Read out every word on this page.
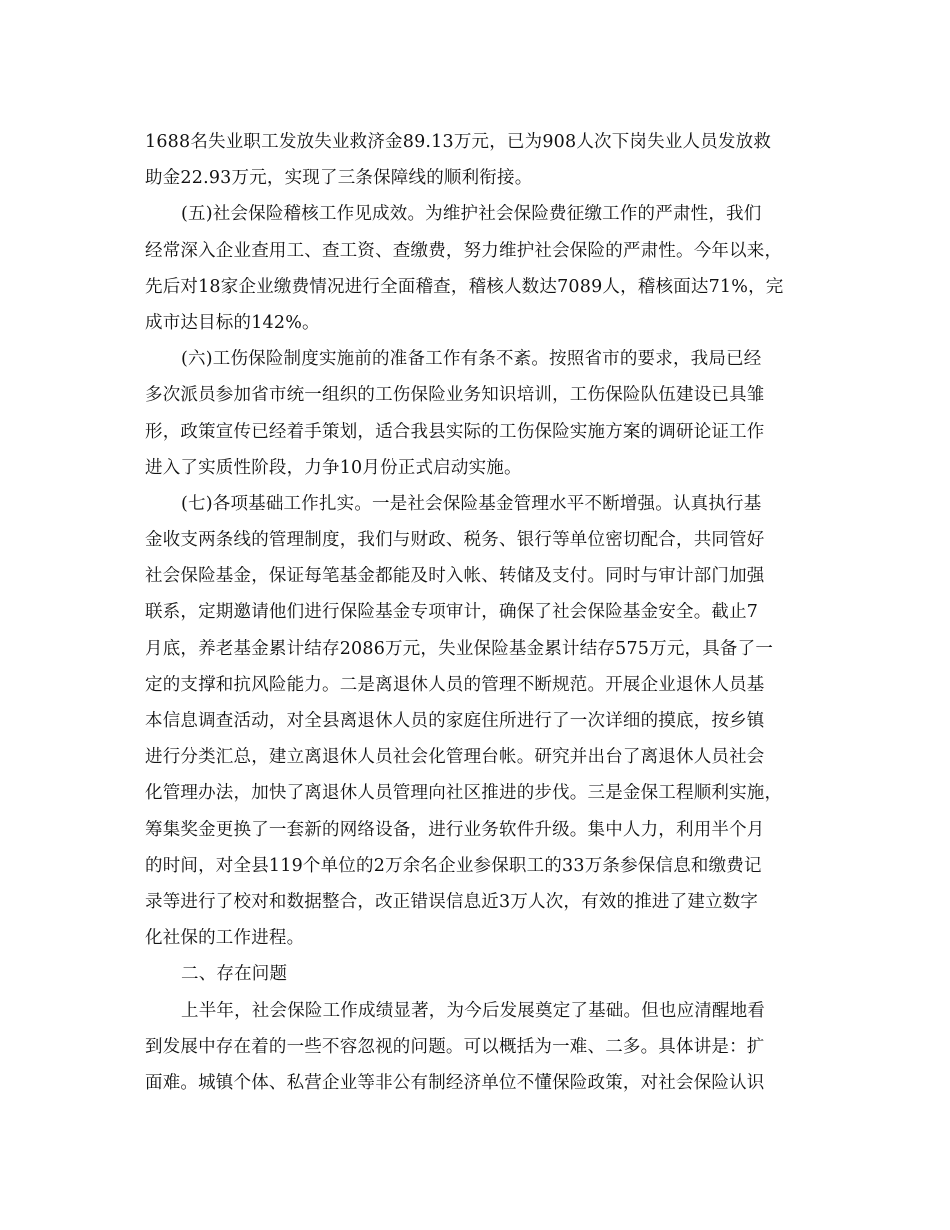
1688名失业职工发放失业救济金89.13万元，已为908人次下岗失业人员发放救
助金22.93万元，实现了三条保障线的顺利衔接。
(五)社会保险稽核工作见成效。为维护社会保险费征缴工作的严肃性，我们
经常深入企业查用工、查工资、查缴费，努力维护社会保险的严肃性。今年以来，
先后对18家企业缴费情况进行全面稽查，稽核人数达7089人，稽核面达71%，完
成市达目标的142%。
(六)工伤保险制度实施前的准备工作有条不紊。按照省市的要求，我局已经
多次派员参加省市统一组织的工伤保险业务知识培训，工伤保险队伍建设已具雏
形，政策宣传已经着手策划，适合我县实际的工伤保险实施方案的调研论证工作
进入了实质性阶段，力争10月份正式启动实施。
(七)各项基础工作扎实。一是社会保险基金管理水平不断增强。认真执行基
金收支两条线的管理制度，我们与财政、税务、银行等单位密切配合，共同管好
社会保险基金，保证每笔基金都能及时入帐、转储及支付。同时与审计部门加强
联系，定期邀请他们进行保险基金专项审计，确保了社会保险基金安全。截止7
月底，养老基金累计结存2086万元，失业保险基金累计结存575万元，具备了一
定的支撑和抗风险能力。二是离退休人员的管理不断规范。开展企业退休人员基
本信息调查活动，对全县离退休人员的家庭住所进行了一次详细的摸底，按乡镇
进行分类汇总，建立离退休人员社会化管理台帐。研究并出台了离退休人员社会
化管理办法，加快了离退休人员管理向社区推进的步伐。三是金保工程顺利实施，
筹集奖金更换了一套新的网络设备，进行业务软件升级。集中人力，利用半个月
的时间，对全县119个单位的2万余名企业参保职工的33万条参保信息和缴费记
录等进行了校对和数据整合，改正错误信息近3万人次，有效的推进了建立数字
化社保的工作进程。
二、存在问题
上半年，社会保险工作成绩显著，为今后发展奠定了基础。但也应清醒地看
到发展中存在着的一些不容忽视的问题。可以概括为一难、二多。具体讲是：扩
面难。城镇个体、私营企业等非公有制经济单位不懂保险政策，对社会保险认识
